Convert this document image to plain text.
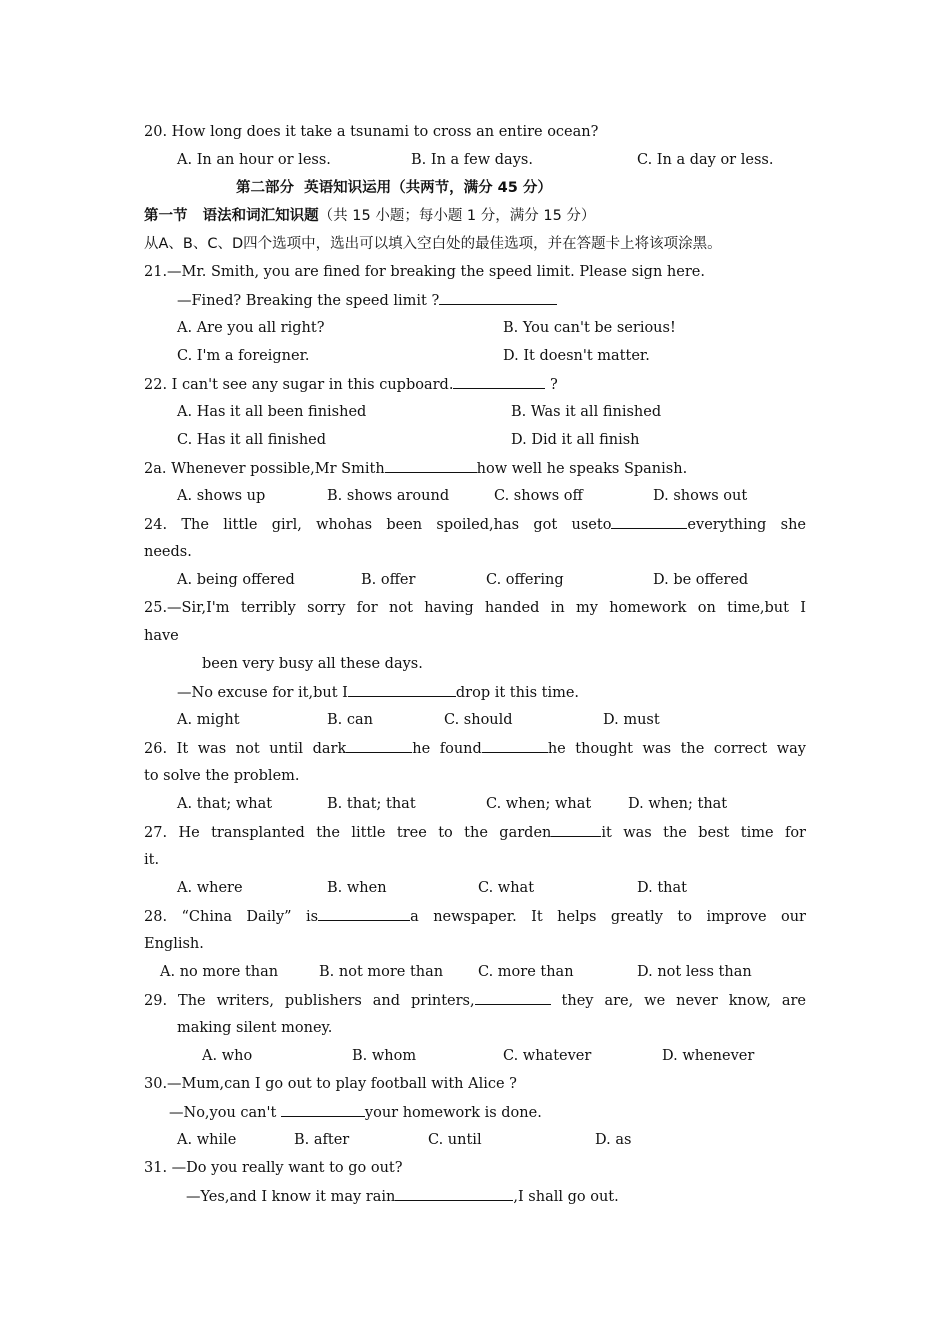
20. How long does it take a tsunami to cross an entire ocean?
A. In an hour or less.	B. In a few days.	C. In a day or less.
第二部分  英语知识运用（共两节，满分 45 分）
第一节   语法和词汇知识题（共 15 小题；每小题 1 分，满分 15 分）
从A、B、C、D四个选项中，选出可以填入空白处的最佳选项，并在答题卡上将该项涂黑。
21.—Mr. Smith, you are fined for breaking the speed limit. Please sign here.
—Fined? Breaking the speed limit ?
A. Are you all right?	B. You can't be serious!
C. I'm a foreigner.	D. It doesn't matter.
22. I can't see any sugar in this cupboard.	?
A. Has it all been finished	B. Was it all finished
C. Has it all finished	D. Did it all finish
2a. Whenever possible,Mr Smith	how well he speaks Spanish.
A. shows up	B. shows around	C. shows off	D. shows out
24. The little girl, whohas been spoiled,has got useto	everything she
needs.
A. being offered	B. offer	C. offering	D. be offered
25.—Sir,I'm terribly sorry for not having handed in my homework on time,but I
have
been very busy all these days.
—No excuse for it,but I	drop it this time.
A. might	B. can	C. should	D. must
26. It was not until dark	he found	he thought was the correct way
to solve the problem.
A. that; what	B. that; that	C. when; what	D. when; that
27. He transplanted the little tree to the garden	it was the best time for
it.
A. where	B. when	C. what	D. that
28. “China Daily” is	a newspaper. It helps greatly to improve our
English.
A. no more than	B. not more than C. more than	D. not less than
29. The writers, publishers and printers,	they are, we never know, are
making silent money.
A. who	B. whom	C. whatever	D. whenever
30.—Mum,can I go out to play football with Alice ?
—No,you can't	your homework is done.
A. while	B. after	C. until	D. as
31. —Do you really want to go out?
—Yes,and I know it may rain	,I shall go out.
